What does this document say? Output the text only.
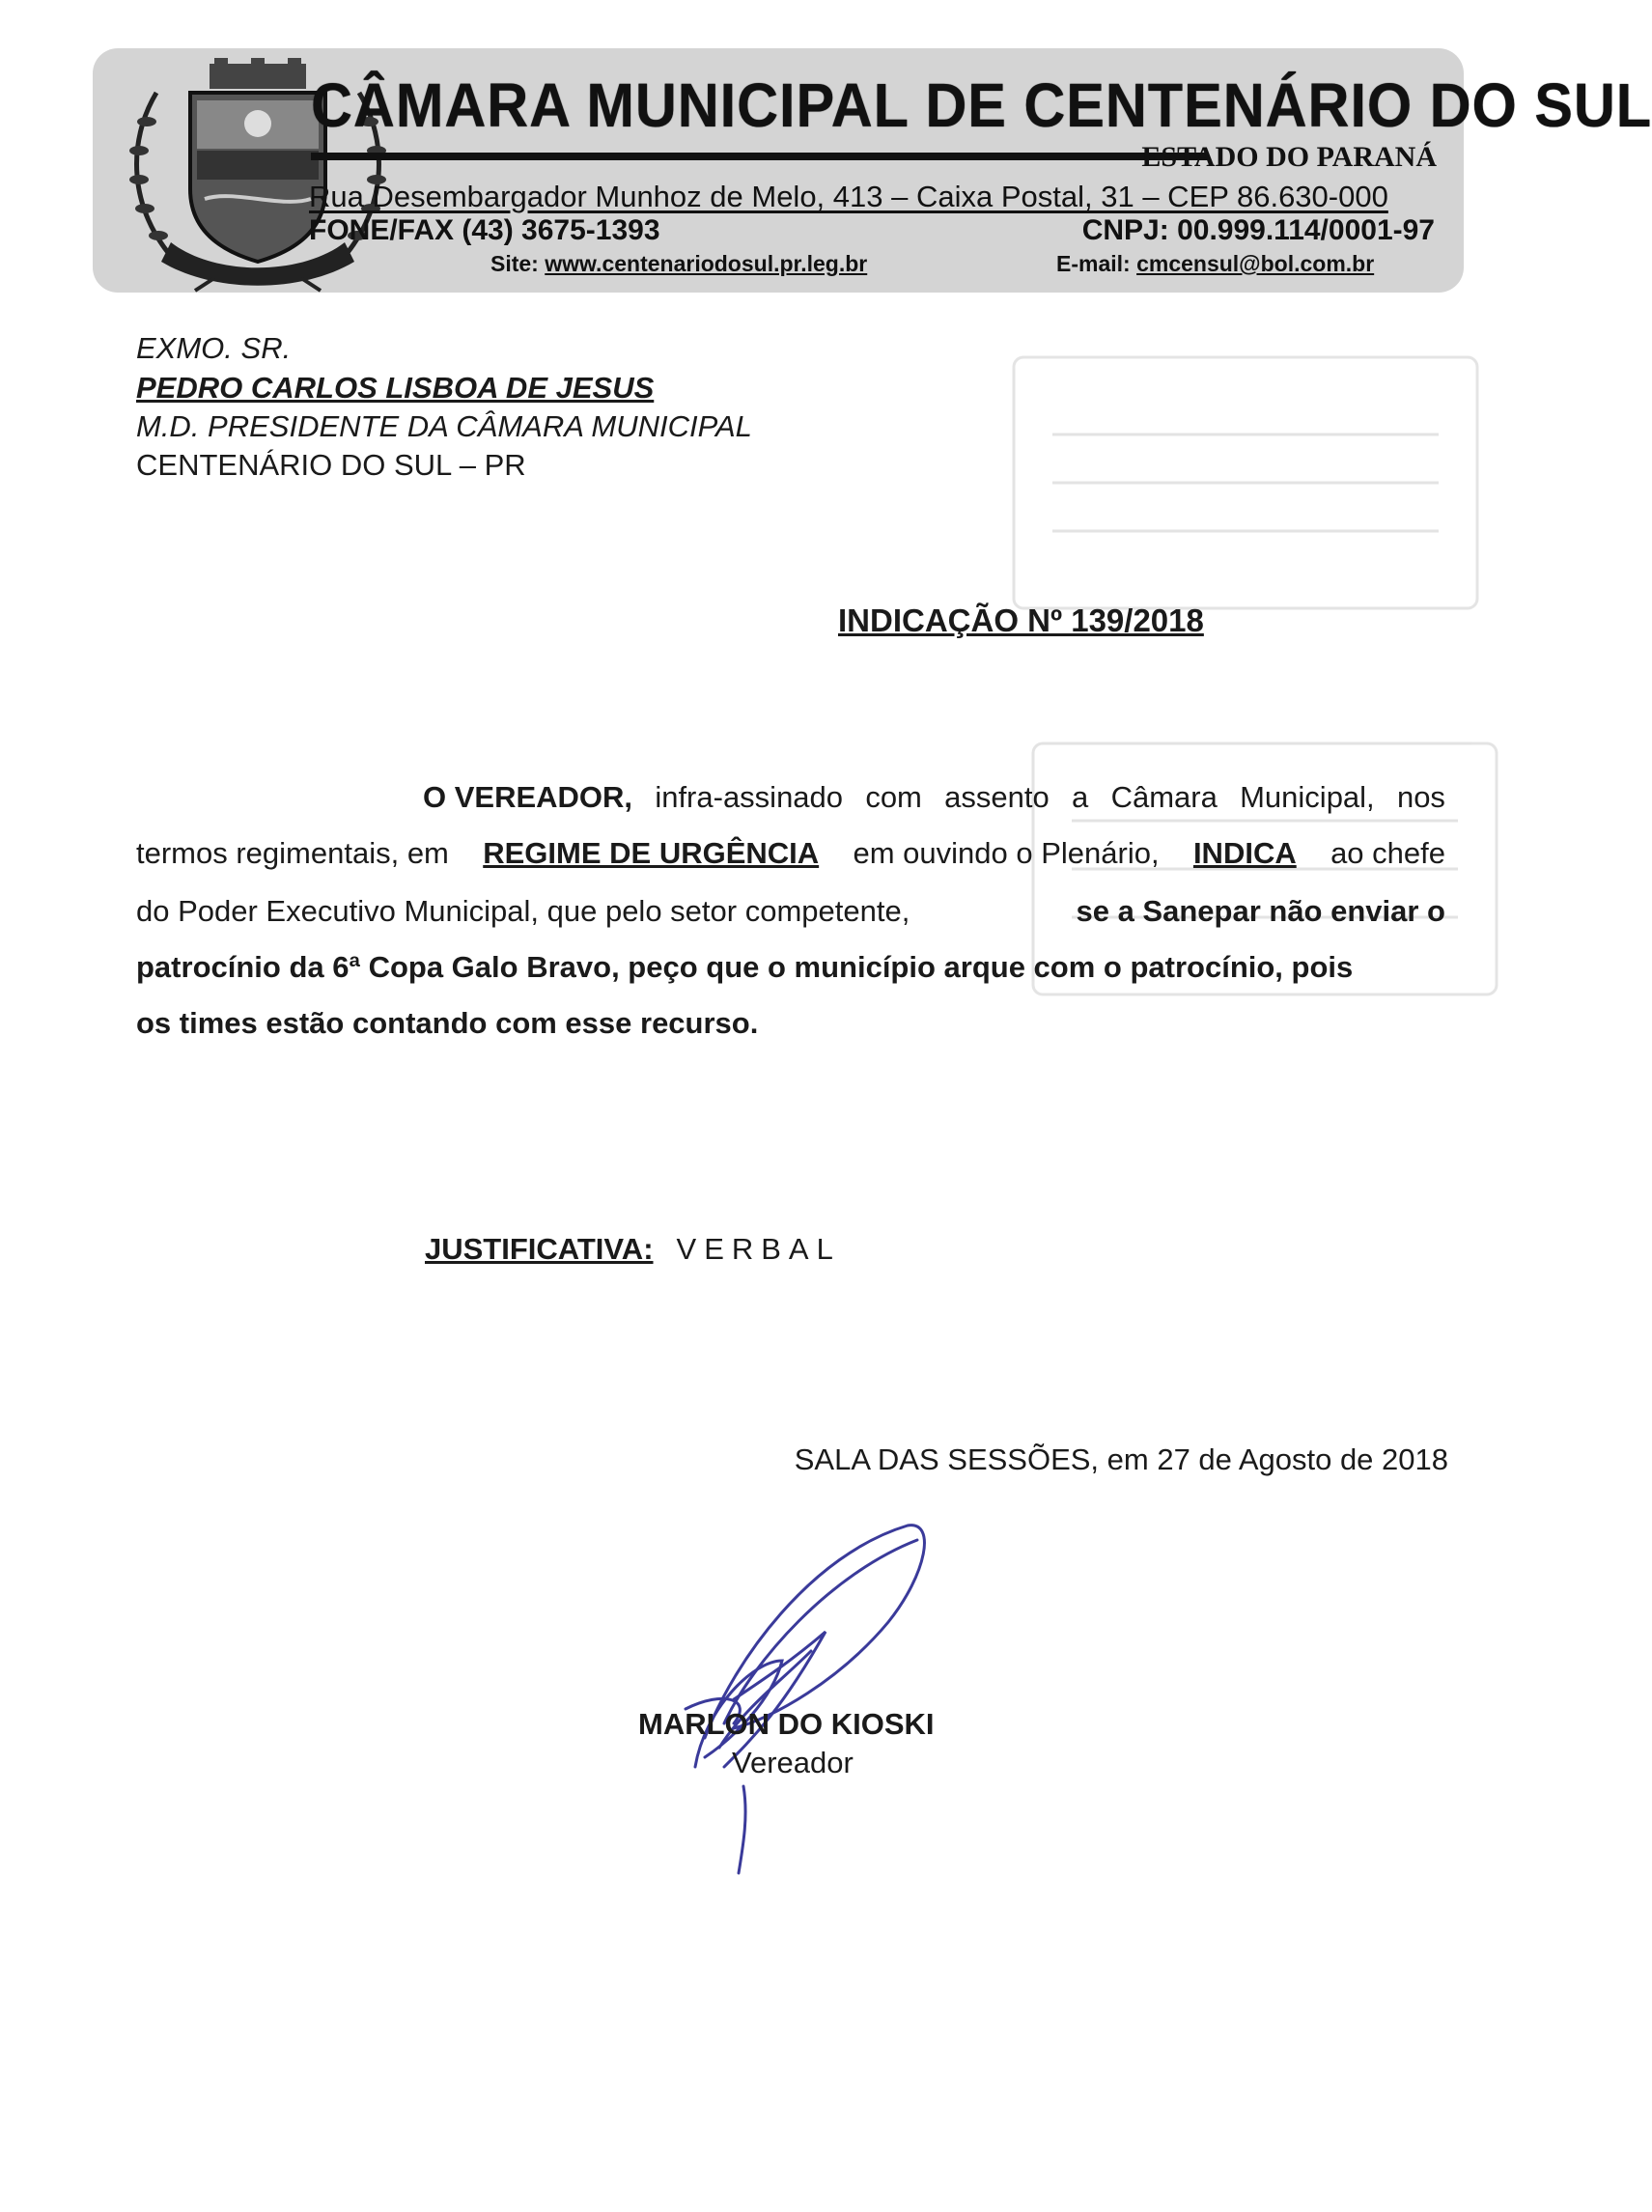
CÂMARA MUNICIPAL DE CENTENÁRIO DO SUL
ESTADO DO PARANÁ
Rua Desembargador Munhoz de Melo, 413 – Caixa Postal, 31 – CEP 86.630-000
FONE/FAX (43) 3675-1393	CNPJ: 00.999.114/0001-97
Site: www.centenariodosul.pr.leg.br	E-mail: cmcensul@bol.com.br
EXMO. SR.
PEDRO CARLOS LISBOA DE JESUS
M.D. PRESIDENTE DA CÂMARA MUNICIPAL
CENTENÁRIO DO SUL – PR
INDICAÇÃO Nº 139/2018
O VEREADOR, infra-assinado com assento a Câmara Municipal, nos
termos regimentais, em REGIME DE URGÊNCIA em ouvindo o Plenário, INDICA ao chefe
do Poder Executivo Municipal, que pelo setor competente,	se a Sanepar não enviar o
patrocínio da 6ª Copa Galo Bravo, peço que o município arque com o patrocínio, pois
os times estão contando com esse recurso.
JUSTIFICATIVA: VERBAL
SALA DAS SESSÕES, em 27 de Agosto de 2018
MARLON DO KIOSKI
Vereador
